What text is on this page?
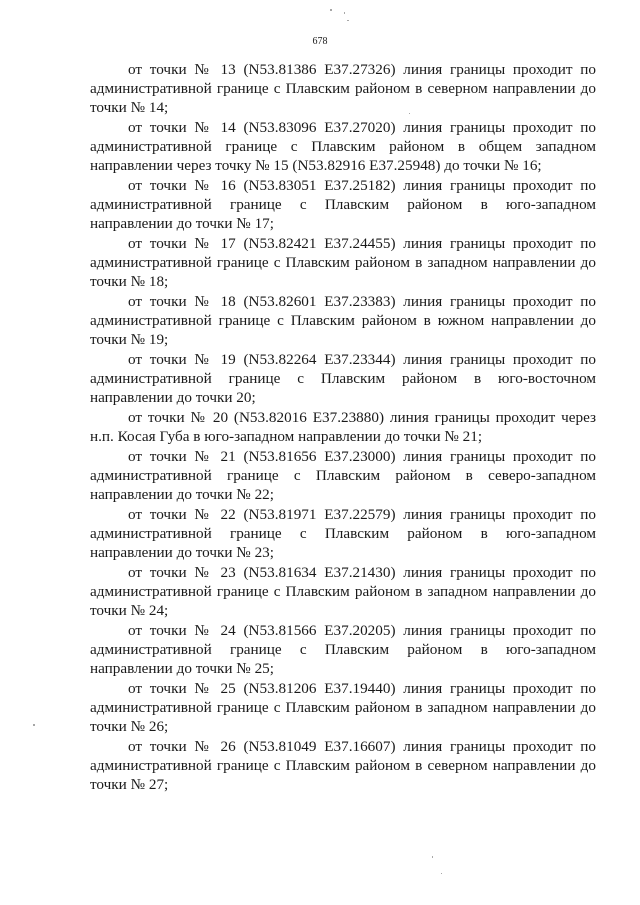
678

от точки № 13 (N53.81386 E37.27326) линия границы проходит по административной границе с Плавским районом в северном направлении до точки № 14;

от точки № 14 (N53.83096 E37.27020) линия границы проходит по административной границе с Плавским районом в общем западном направлении через точку № 15 (N53.82916 E37.25948) до точки № 16;

от точки № 16 (N53.83051 E37.25182) линия границы проходит по административной границе с Плавским районом в юго-западном направлении до точки № 17;

от точки № 17 (N53.82421 E37.24455) линия границы проходит по административной границе с Плавским районом в западном направлении до точки № 18;

от точки № 18 (N53.82601 E37.23383) линия границы проходит по административной границе с Плавским районом в южном направлении до точки № 19;

от точки № 19 (N53.82264 E37.23344) линия границы проходит по административной границе с Плавским районом в юго-восточном направлении до точки 20;

от точки № 20 (N53.82016 E37.23880) линия границы проходит через н.п. Косая Губа в юго-западном направлении до точки № 21;

от точки № 21 (N53.81656 E37.23000) линия границы проходит по административной границе с Плавским районом в северо-западном направлении до точки № 22;

от точки № 22 (N53.81971 E37.22579) линия границы проходит по административной границе с Плавским районом в юго-западном направлении до точки № 23;

от точки № 23 (N53.81634 E37.21430) линия границы проходит по административной границе с Плавским районом в западном направлении до точки № 24;

от точки № 24 (N53.81566 E37.20205) линия границы проходит по административной границе с Плавским районом в юго-западном направлении до точки № 25;

от точки № 25 (N53.81206 E37.19440) линия границы проходит по административной границе с Плавским районом в западном направлении до точки № 26;

от точки № 26 (N53.81049 E37.16607) линия границы проходит по административной границе с Плавским районом в северном направлении до точки № 27;
